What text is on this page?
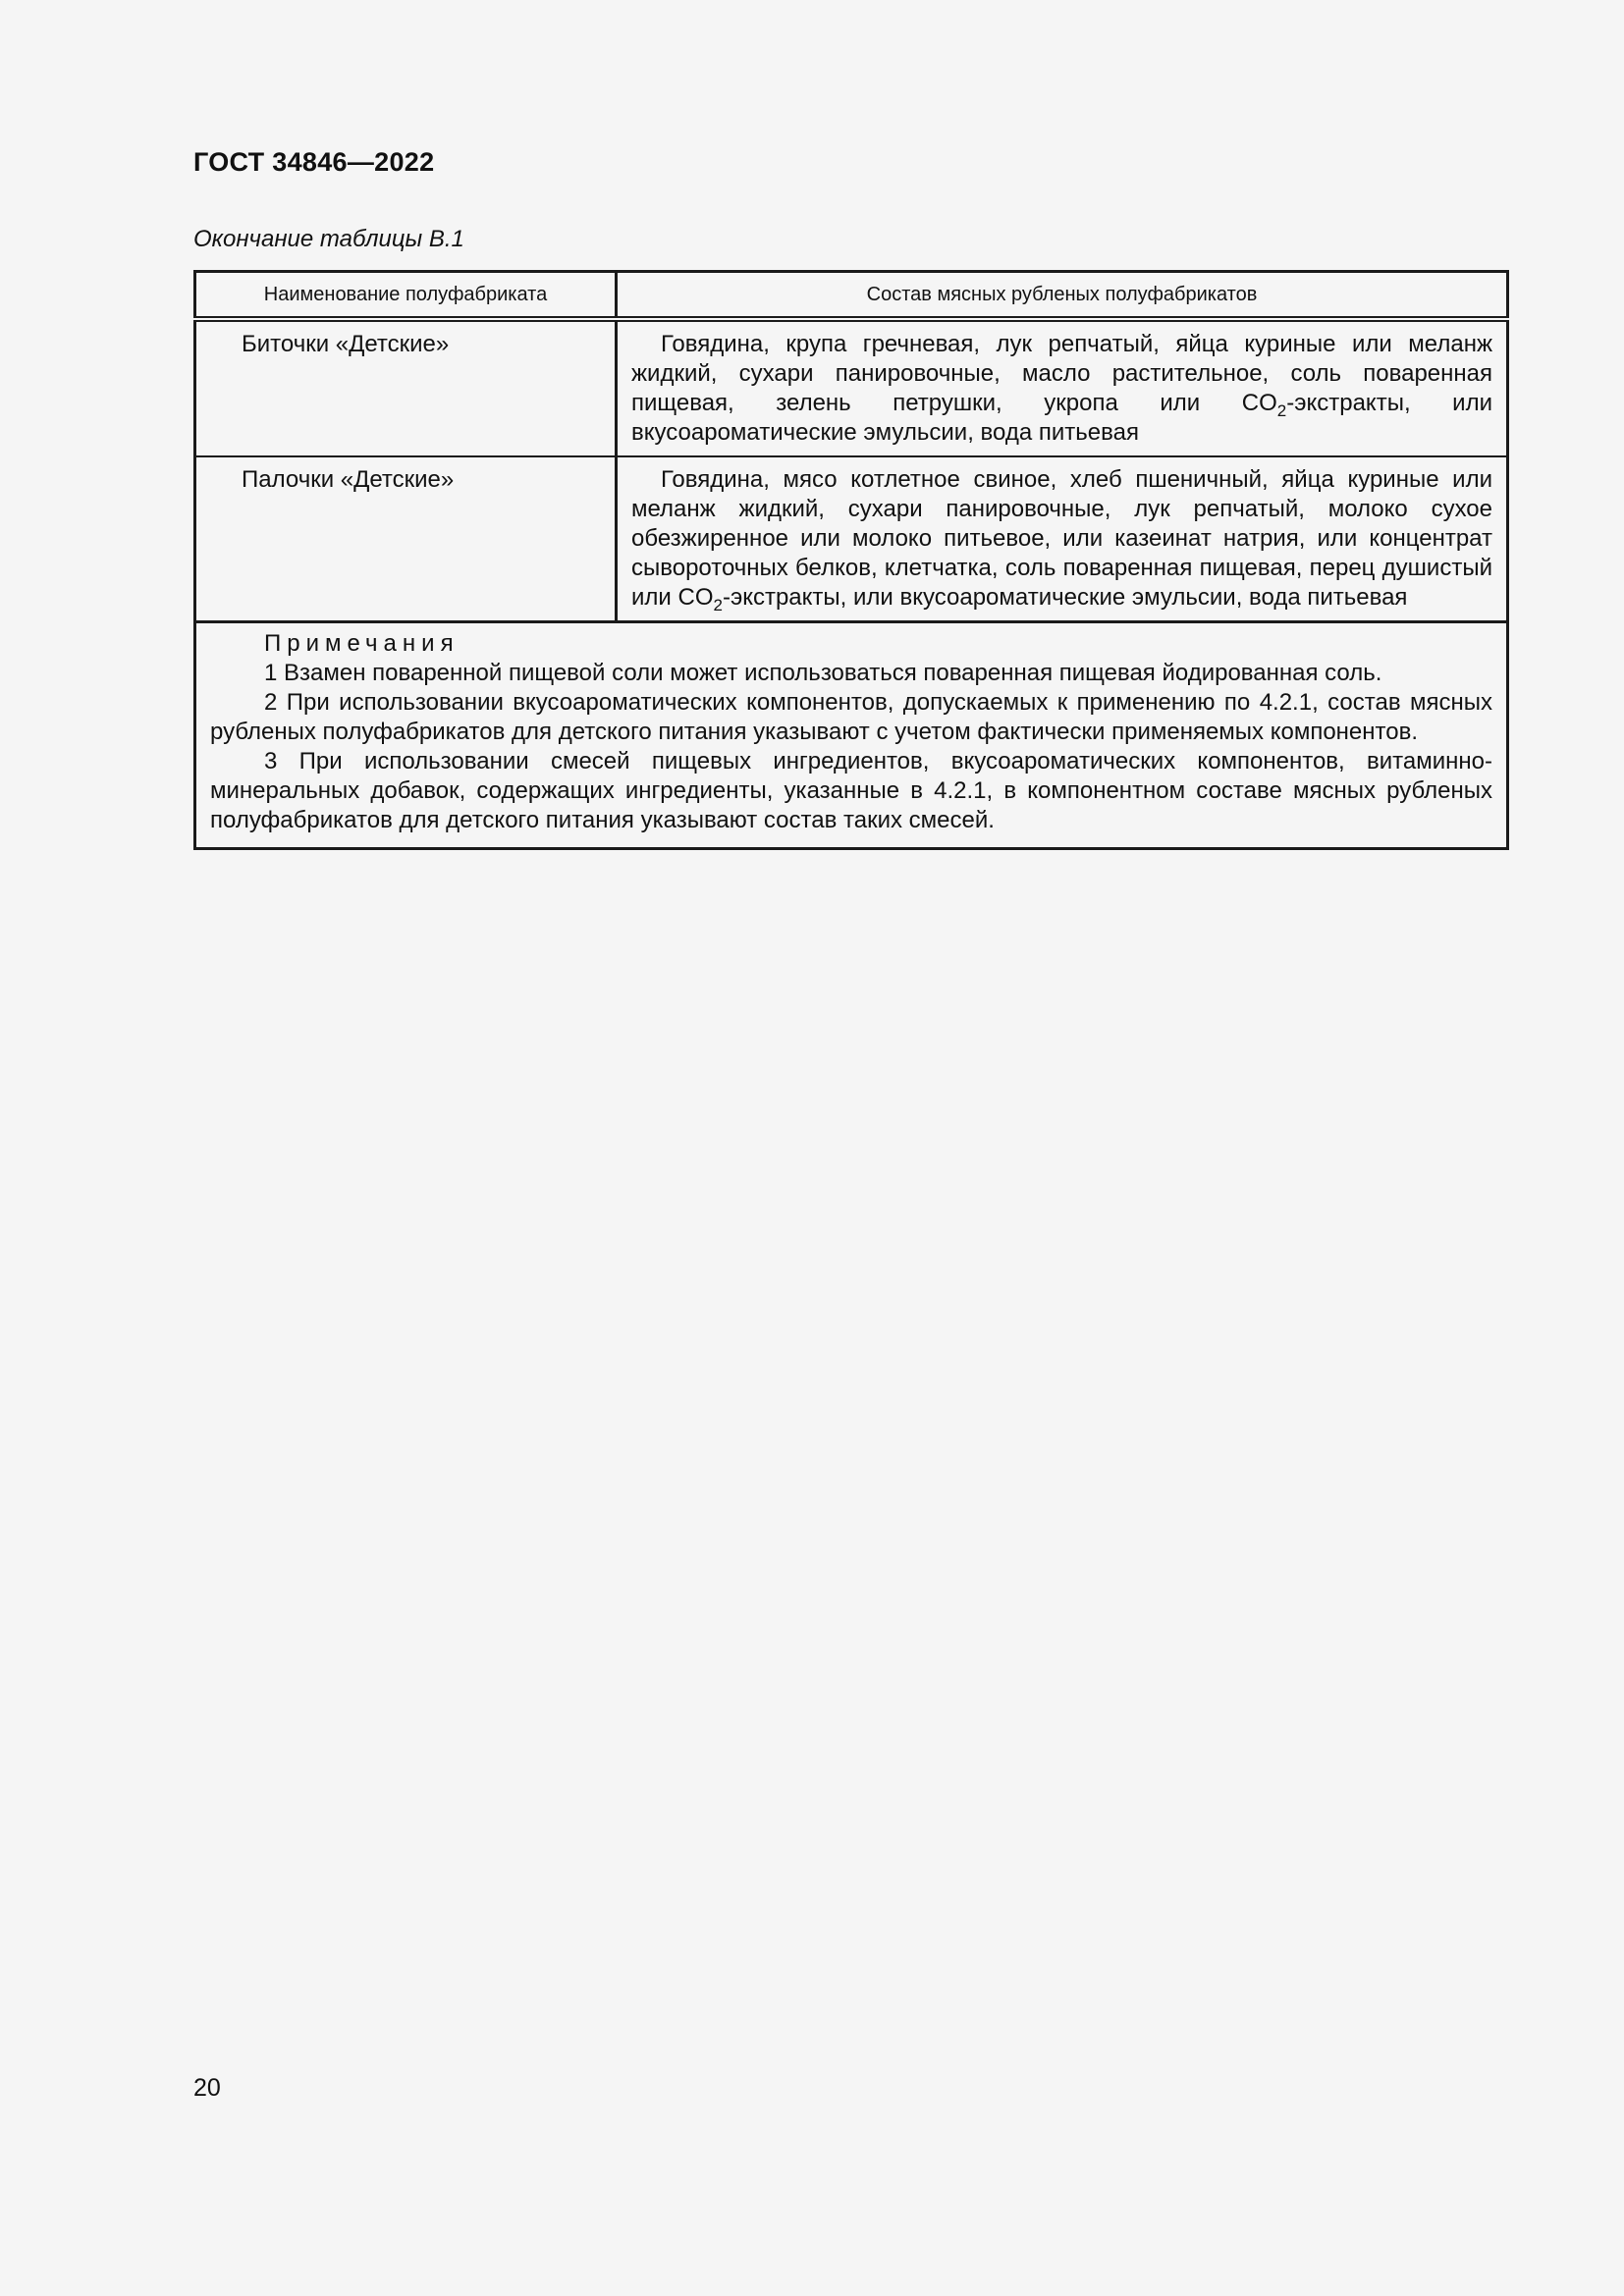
ГОСТ 34846—2022

Окончание таблицы В.1

Наименование полуфабриката	Состав мясных рубленых полуфабрикатов
Биточки «Детские»	Говядина, крупа гречневая, лук репчатый, яйца куриные или меланж жидкий, сухари панировочные, масло растительное, соль поваренная пищевая, зелень петрушки, укропа или $CO_2$-экстракты, или вкусоароматические эмульсии, вода питьевая
Палочки «Детские»	Говядина, мясо котлетное свиное, хлеб пшеничный, яйца куриные или меланж жидкий, сухари панировочные, лук репчатый, молоко сухое обезжиренное или молоко питьевое, или казеинат натрия, или концентрат сывороточных белков, клетчатка, соль поваренная пищевая, перец душистый или $CO_2$-экстракты, или вкусоароматические эмульсии, вода питьевая

Примечания
1 Взамен поваренной пищевой соли может использоваться поваренная пищевая йодированная соль.
2 При использовании вкусоароматических компонентов, допускаемых к применению по 4.2.1, состав мясных рубленых полуфабрикатов для детского питания указывают с учетом фактически применяемых компонентов.
3 При использовании смесей пищевых ингредиентов, вкусоароматических компонентов, витаминно-минеральных добавок, содержащих ингредиенты, указанные в 4.2.1, в компонентном составе мясных рубленых полуфабрикатов для детского питания указывают состав таких смесей.	

20
